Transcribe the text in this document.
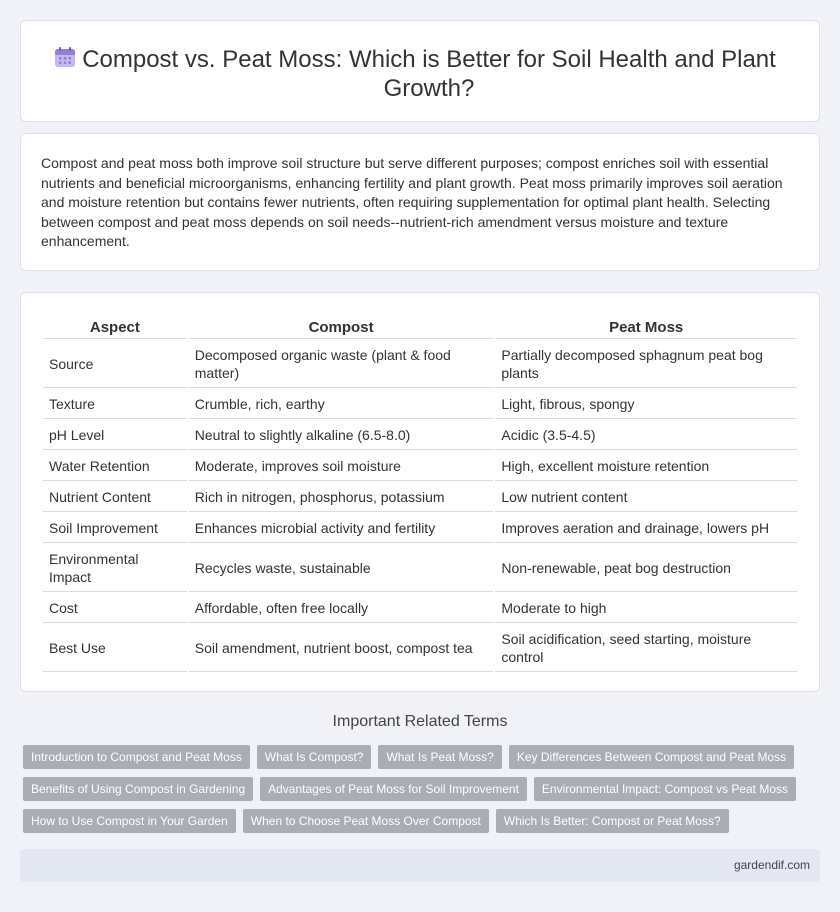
Compost vs. Peat Moss: Which is Better for Soil Health and Plant Growth?

Compost and peat moss both improve soil structure but serve different purposes; compost enriches soil with essential nutrients and beneficial microorganisms, enhancing fertility and plant growth. Peat moss primarily improves soil aeration and moisture retention but contains fewer nutrients, often requiring supplementation for optimal plant health. Selecting between compost and peat moss depends on soil needs--nutrient-rich amendment versus moisture and texture enhancement.

Aspect	Compost	Peat Moss
Source	Decomposed organic waste (plant & food matter)	Partially decomposed sphagnum peat bog plants
Texture	Crumble, rich, earthy	Light, fibrous, spongy
pH Level	Neutral to slightly alkaline (6.5-8.0)	Acidic (3.5-4.5)
Water Retention	Moderate, improves soil moisture	High, excellent moisture retention
Nutrient Content	Rich in nitrogen, phosphorus, potassium	Low nutrient content
Soil Improvement	Enhances microbial activity and fertility	Improves aeration and drainage, lowers pH
Environmental Impact	Recycles waste, sustainable	Non-renewable, peat bog destruction
Cost	Affordable, often free locally	Moderate to high
Best Use	Soil amendment, nutrient boost, compost tea	Soil acidification, seed starting, moisture control
Important Related Terms
Introduction to Compost and Peat Moss	What Is Compost?	What Is Peat Moss?	Key Differences Between Compost and Peat Moss
Benefits of Using Compost in Gardening	Advantages of Peat Moss for Soil Improvement	Environmental Impact: Compost vs Peat Moss
How to Use Compost in Your Garden	When to Choose Peat Moss Over Compost	Which Is Better: Compost or Peat Moss?
gardendif.com
